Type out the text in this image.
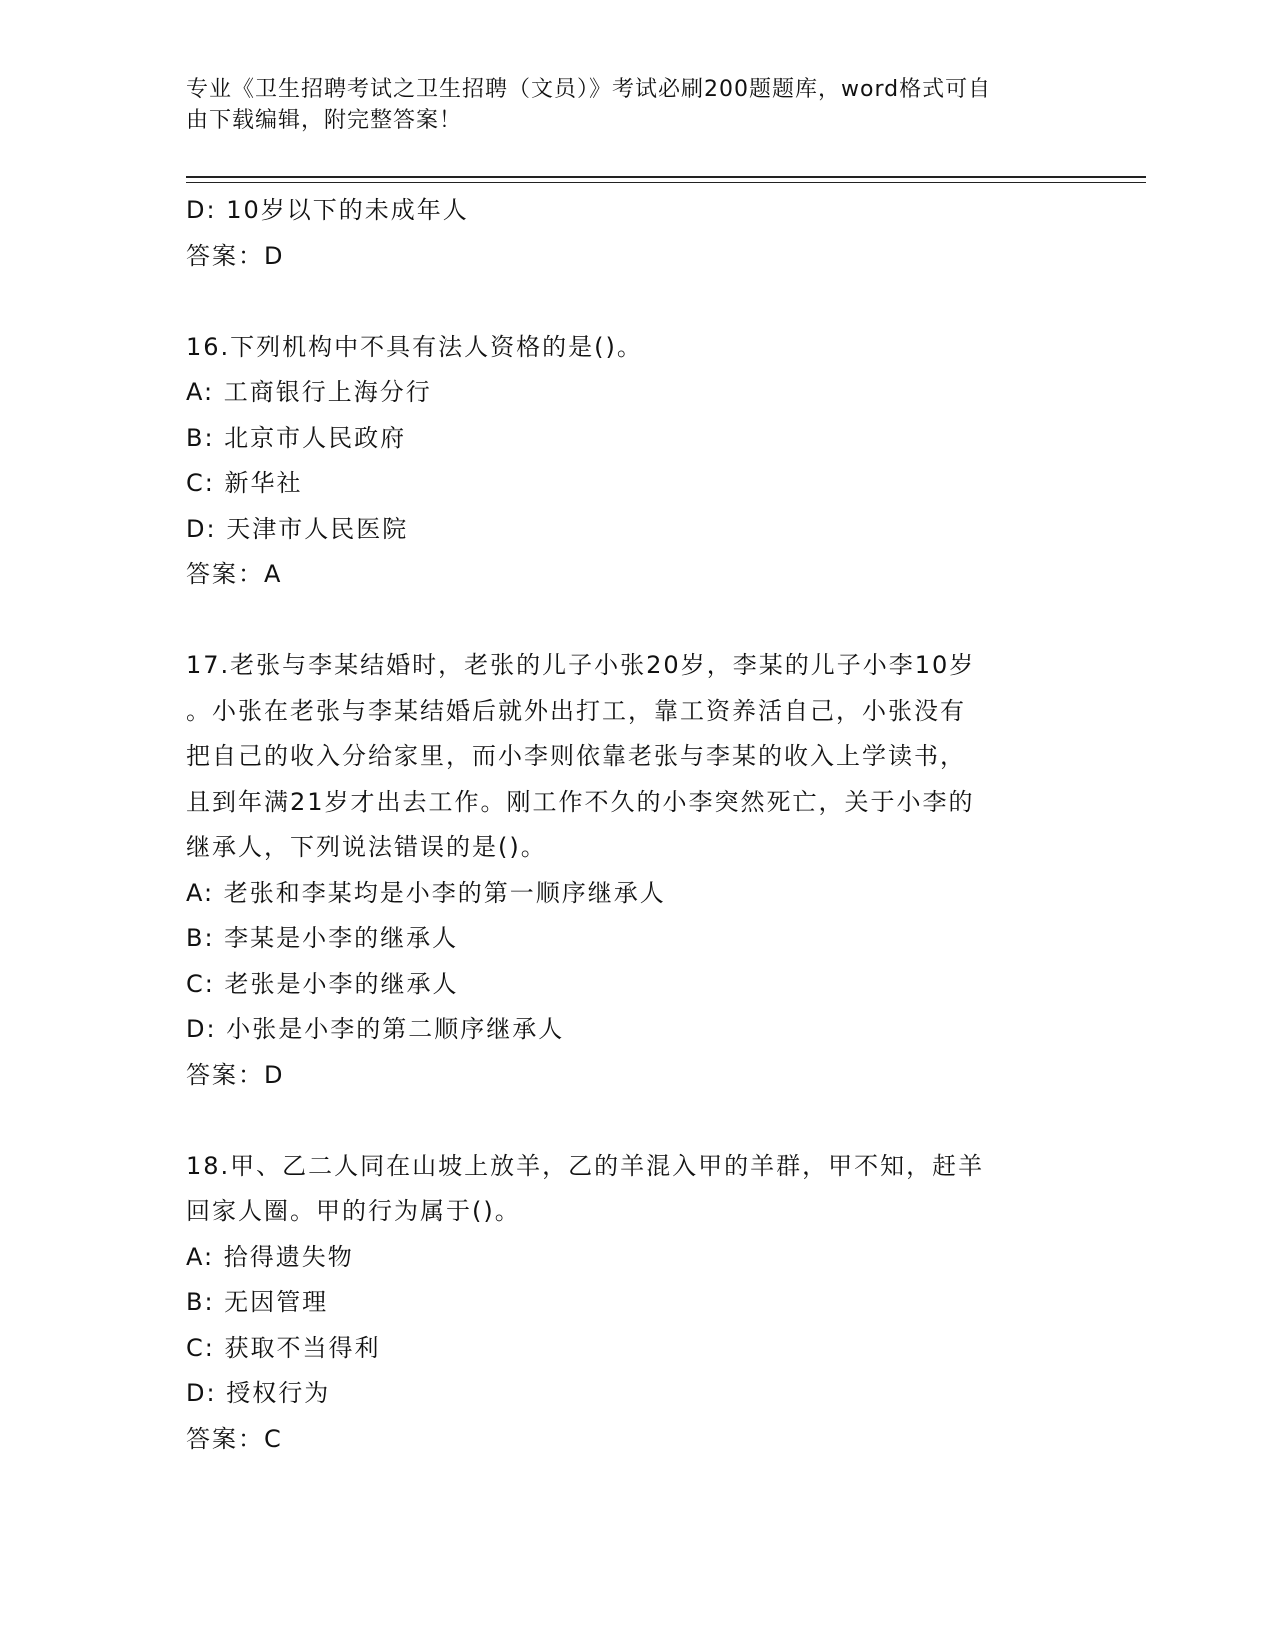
专业《卫生招聘考试之卫生招聘（文员）》考试必刷200题题库，word格式可自
由下载编辑，附完整答案！
D: 10岁以下的未成年人
答案：D
16.下列机构中不具有法人资格的是()。
A: 工商银行上海分行
B: 北京市人民政府
C: 新华社
D: 天津市人民医院
答案：A
17.老张与李某结婚时，老张的儿子小张20岁，李某的儿子小李10岁
。小张在老张与李某结婚后就外出打工，靠工资养活自己，小张没有
把自己的收入分给家里，而小李则依靠老张与李某的收入上学读书，
且到年满21岁才出去工作。刚工作不久的小李突然死亡，关于小李的
继承人，下列说法错误的是()。
A: 老张和李某均是小李的第一顺序继承人
B: 李某是小李的继承人
C: 老张是小李的继承人
D: 小张是小李的第二顺序继承人
答案：D
18.甲、乙二人同在山坡上放羊，乙的羊混入甲的羊群，甲不知，赶羊
回家人圈。甲的行为属于()。
A: 拾得遗失物
B: 无因管理
C: 获取不当得利
D: 授权行为
答案：C
